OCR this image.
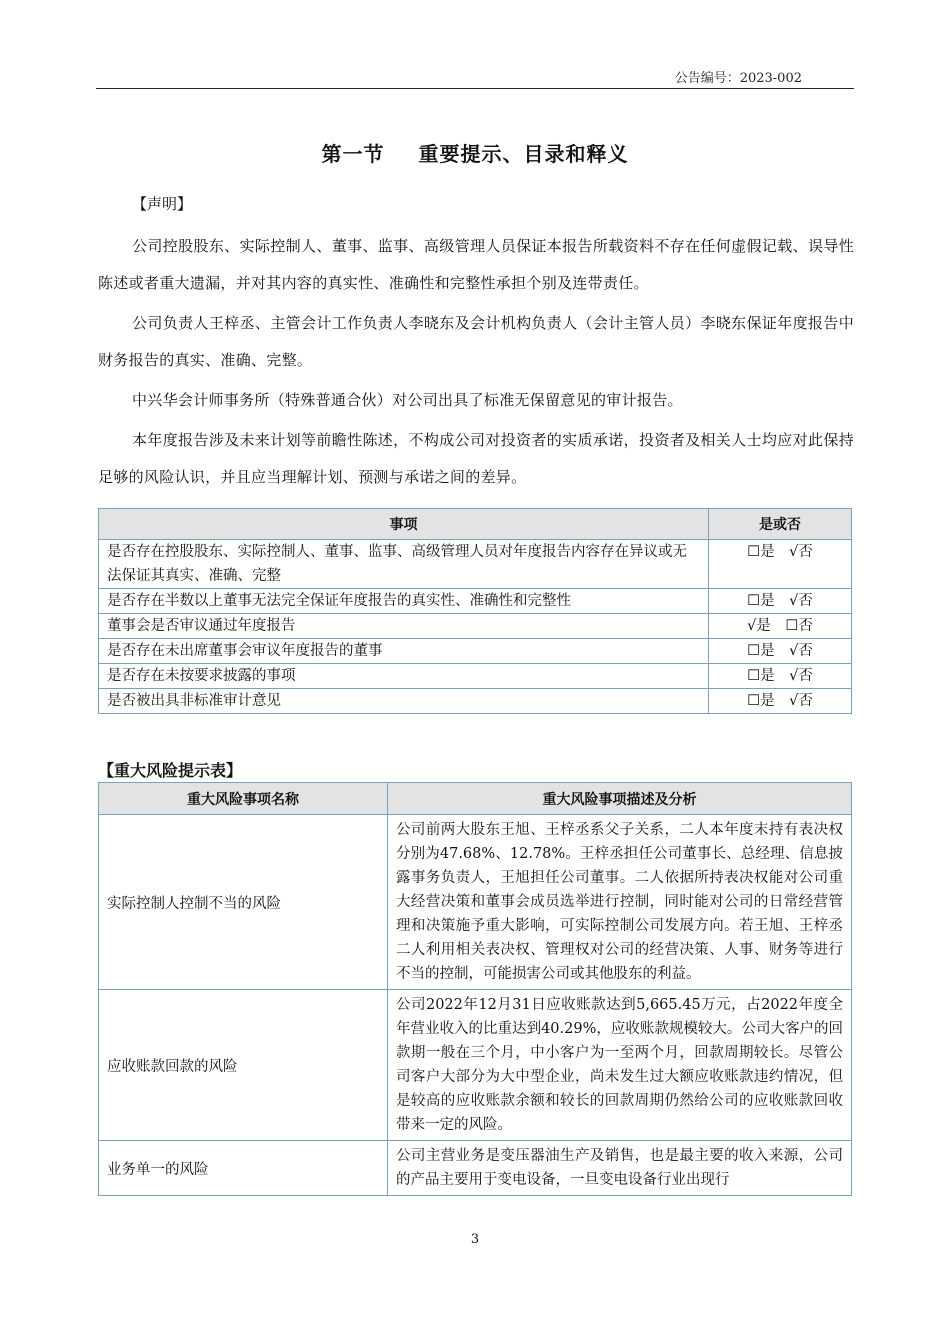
公告编号：2023-002
第一节 重要提示、目录和释义
【声明】

公司控股股东、实际控制人、董事、监事、高级管理人员保证本报告所载资料不存在任何虚假记载、误导性陈述或者重大遗漏，并对其内容的真实性、准确性和完整性承担个别及连带责任。

公司负责人王梓丞、主管会计工作负责人李晓东及会计机构负责人（会计主管人员）李晓东保证年度报告中财务报告的真实、准确、完整。

中兴华会计师事务所（特殊普通合伙）对公司出具了标准无保留意见的审计报告。

本年度报告涉及未来计划等前瞻性陈述，不构成公司对投资者的实质承诺，投资者及相关人士均应对此保持足够的风险认识，并且应当理解计划、预测与承诺之间的差异。

事项	是或否
是否存在控股股东、实际控制人、董事、监事、高级管理人员对年度报告内容存在异议或无法保证其真实、准确、完整	☐是　√否
是否存在半数以上董事无法完全保证年度报告的真实性、准确性和完整性	☐是　√否
董事会是否审议通过年度报告	√是　☐否
是否存在未出席董事会审议年度报告的董事	☐是　√否
是否存在未按要求披露的事项	☐是　√否
是否被出具非标准审计意见	☐是　√否
【重大风险提示表】
重大风险事项名称	重大风险事项描述及分析
实际控制人控制不当的风险	公司前两大股东王旭、王梓丞系父子关系，二人本年度末持有表决权分别为47.68%、12.78%。王梓丞担任公司董事长、总经理、信息披露事务负责人，王旭担任公司董事。二人依据所持表决权能对公司重大经营决策和董事会成员选举进行控制，同时能对公司的日常经营管理和决策施予重大影响，可实际控制公司发展方向。若王旭、王梓丞二人利用相关表决权、管理权对公司的经营决策、人事、财务等进行不当的控制，可能损害公司或其他股东的利益。
应收账款回款的风险	公司2022年12月31日应收账款达到5,665.45万元，占2022年度全年营业收入的比重达到40.29%，应收账款规模较大。公司大客户的回款期一般在三个月，中小客户为一至两个月，回款周期较长。尽管公司客户大部分为大中型企业，尚未发生过大额应收账款违约情况，但是较高的应收账款余额和较长的回款周期仍然给公司的应收账款回收带来一定的风险。
业务单一的风险	公司主营业务是变压器油生产及销售，也是最主要的收入来源，公司的产品主要用于变电设备，一旦变电设备行业出现行
3
